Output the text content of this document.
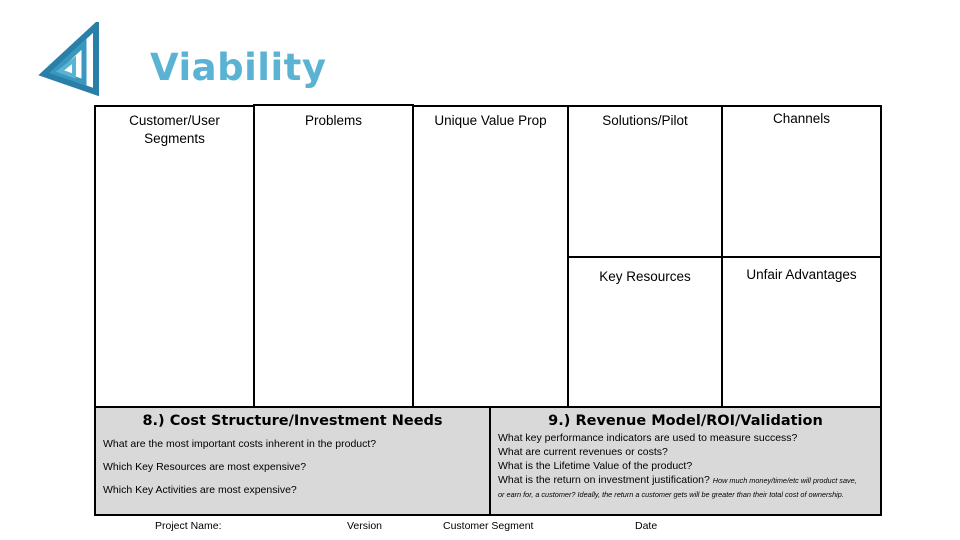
Viability
Customer/User
Segments
Problems	Unique Value Prop	Solutions/Pilot	Channels
Key Resources	Unfair Advantages
8.) Cost Structure/Investment Needs
What are the most important costs inherent in the product?
Which Key Resources are most expensive?
Which Key Activities are most expensive?
9.) Revenue Model/ROI/Validation
What key performance indicators are used to measure success?
What are current revenues or costs?
What is the Lifetime Value of the product?
What is the return on investment justification? How much money/time/etc will product save, or earn for, a customer? Ideally, the return a customer gets will be greater than their total cost of ownership.
Project Name:	Version	Customer Segment	Date
